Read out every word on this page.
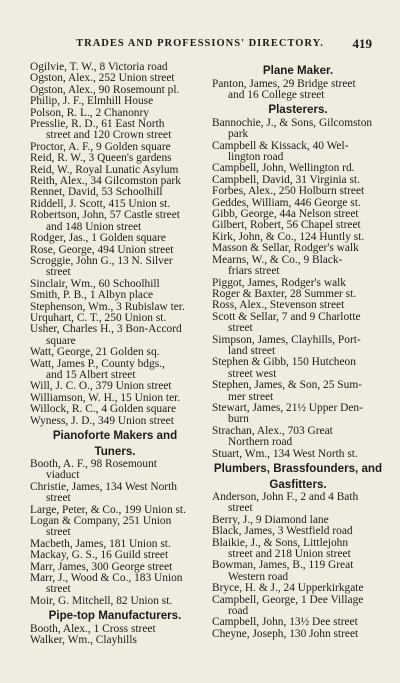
TRADES AND PROFESSIONS' DIRECTORY.	419
Ogilvie, T. W., 8 Victoria road
Ogston, Alex., 252 Union street
Ogston, Alex., 90 Rosemount pl.
Philip, J. F., Elmhill House
Polson, R. L., 2 Chanonry
Presslie, R. D., 61 East North
street and 120 Crown street
Proctor, A. F., 9 Golden square
Reid, R. W., 3 Queen's gardens
Reid, W., Royal Lunatic Asylum
Reith, Alex., 34 Gilcomston park
Rennet, David, 53 Schoolhill
Riddell, J. Scott, 415 Union st.
Robertson, John, 57 Castle street
and 148 Union street
Rodger, Jas., 1 Golden square
Rose, George, 494 Union street
Scroggie, John G., 13 N. Silver
street
Sinclair, Wm., 60 Schoolhill
Smith, P. B., 1 Albyn place
Stephenson, Wm., 3 Rubislaw ter.
Urquhart, C. T., 250 Union st.
Usher, Charles H., 3 Bon-Accord
square
Watt, George, 21 Golden sq.
Watt, James P., County bdgs.,
and 15 Albert street
Will, J. C. O., 379 Union street
Williamson, W. H., 15 Union ter.
Willock, R. C., 4 Golden square
Wyness, J. D., 349 Union street
Pianoforte Makers and
Tuners.
Booth, A. F., 98 Rosemount
viaduct
Christie, James, 134 West North
street
Large, Peter, & Co., 199 Union st.
Logan & Company, 251 Union
street
Macbeth, James, 181 Union st.
Mackay, G. S., 16 Guild street
Marr, James, 300 George street
Marr, J., Wood & Co., 183 Union
street
Moir, G. Mitchell, 82 Union st.
Pipe-top Manufacturers.
Booth, Alex., 1 Cross street
Walker, Wm., Clayhills
Plane Maker.
Panton, James, 29 Bridge street
and 16 College street
Plasterers.
Bannochie, J., & Sons, Gilcomston
park
Campbell & Kissack, 40 Wel-
lington road
Campbell, John, Wellington rd.
Campbell, David, 31 Virginia st.
Forbes, Alex., 250 Holburn street
Geddes, William, 446 George st.
Gibb, George, 44a Nelson street
Gilbert, Robert, 56 Chapel street
Kirk, John, & Co., 124 Huntly st.
Masson & Sellar, Rodger's walk
Mearns, W., & Co., 9 Black-
friars street
Piggot, James, Rodger's walk
Roger & Baxter, 28 Summer st.
Ross, Alex., Stevenson street
Scott & Sellar, 7 and 9 Charlotte
street
Simpson, James, Clayhills, Port-
land street
Stephen & Gibb, 150 Hutcheon
street west
Stephen, James, & Son, 25 Sum-
mer street
Stewart, James, 21½ Upper Den-
burn
Strachan, Alex., 703 Great
Northern road
Stuart, Wm., 134 West North st.
Plumbers, Brassfounders, and
Gasfitters.
Anderson, John F., 2 and 4 Bath
street
Berry, J., 9 Diamond lane
Black, James, 3 Westfield road
Blaikie, J., & Sons, Littlejohn
street and 218 Union street
Bowman, James, B., 119 Great
Western road
Bryce, H. & J., 24 Upperkirkgate
Campbell, George, 1 Dee Village
road
Campbell, John, 13½ Dee street
Cheyne, Joseph, 130 John street
